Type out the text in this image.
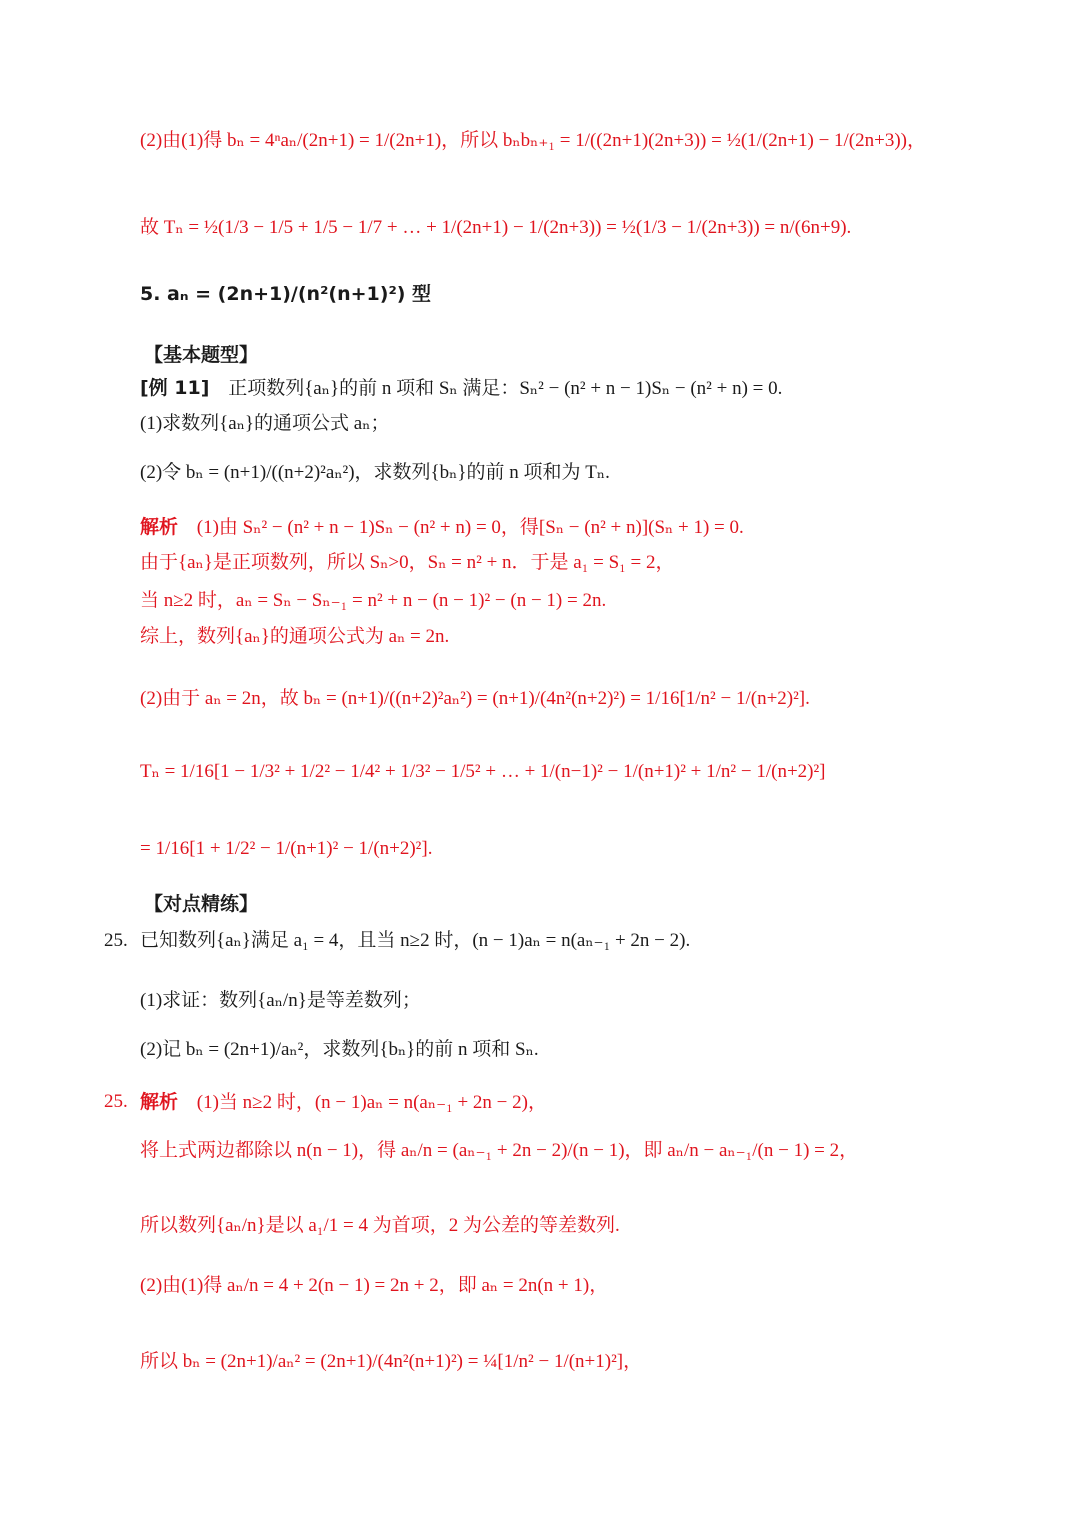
(2)由(1)得 bₙ = 4ⁿaₙ/(2n+1) = 1/(2n+1)，所以 bₙbₙ₊₁ = 1/((2n+1)(2n+3)) = ½(1/(2n+1) − 1/(2n+3))，
故 Tₙ = ½(1/3 − 1/5 + 1/5 − 1/7 + … + 1/(2n+1) − 1/(2n+3)) = ½(1/3 − 1/(2n+3)) = n/(6n+9).
5. aₙ = (2n+1)/(n²(n+1)²) 型
【基本题型】
[例 11] 正项数列{aₙ}的前 n 项和 Sₙ 满足：Sₙ² − (n² + n − 1)Sₙ − (n² + n) = 0.
(1)求数列{aₙ}的通项公式 aₙ；
(2)令 bₙ = (n+1)/((n+2)²aₙ²)，求数列{bₙ}的前 n 项和为 Tₙ.
解析 (1)由 Sₙ² − (n² + n − 1)Sₙ − (n² + n) = 0，得[Sₙ − (n² + n)](Sₙ + 1) = 0.
由于{aₙ}是正项数列，所以 Sₙ>0，Sₙ = n² + n．于是 a₁ = S₁ = 2，
当 n≥2 时，aₙ = Sₙ − Sₙ₋₁ = n² + n − (n − 1)² − (n − 1) = 2n.
综上，数列{aₙ}的通项公式为 aₙ = 2n.
(2)由于 aₙ = 2n，故 bₙ = (n+1)/((n+2)²aₙ²) = (n+1)/(4n²(n+2)²) = 1/16[1/n² − 1/(n+2)²].
Tₙ = 1/16[1 − 1/3² + 1/2² − 1/4² + 1/3² − 1/5² + … + 1/(n−1)² − 1/(n+1)² + 1/n² − 1/(n+2)²]
= 1/16[1 + 1/2² − 1/(n+1)² − 1/(n+2)²].
【对点精练】
25. 已知数列{aₙ}满足 a₁ = 4，且当 n≥2 时，(n − 1)aₙ = n(aₙ₋₁ + 2n − 2).
(1)求证：数列{aₙ/n}是等差数列；
(2)记 bₙ = (2n+1)/aₙ²，求数列{bₙ}的前 n 项和 Sₙ.
25. 解析 (1)当 n≥2 时，(n − 1)aₙ = n(aₙ₋₁ + 2n − 2)，
将上式两边都除以 n(n − 1)，得 aₙ/n = (aₙ₋₁ + 2n − 2)/(n − 1)，即 aₙ/n − aₙ₋₁/(n − 1) = 2，
所以数列{aₙ/n}是以 a₁/1 = 4 为首项，2 为公差的等差数列.
(2)由(1)得 aₙ/n = 4 + 2(n − 1) = 2n + 2，即 aₙ = 2n(n + 1)，
所以 bₙ = (2n+1)/aₙ² = (2n+1)/(4n²(n+1)²) = ¼[1/n² − 1/(n+1)²]，
